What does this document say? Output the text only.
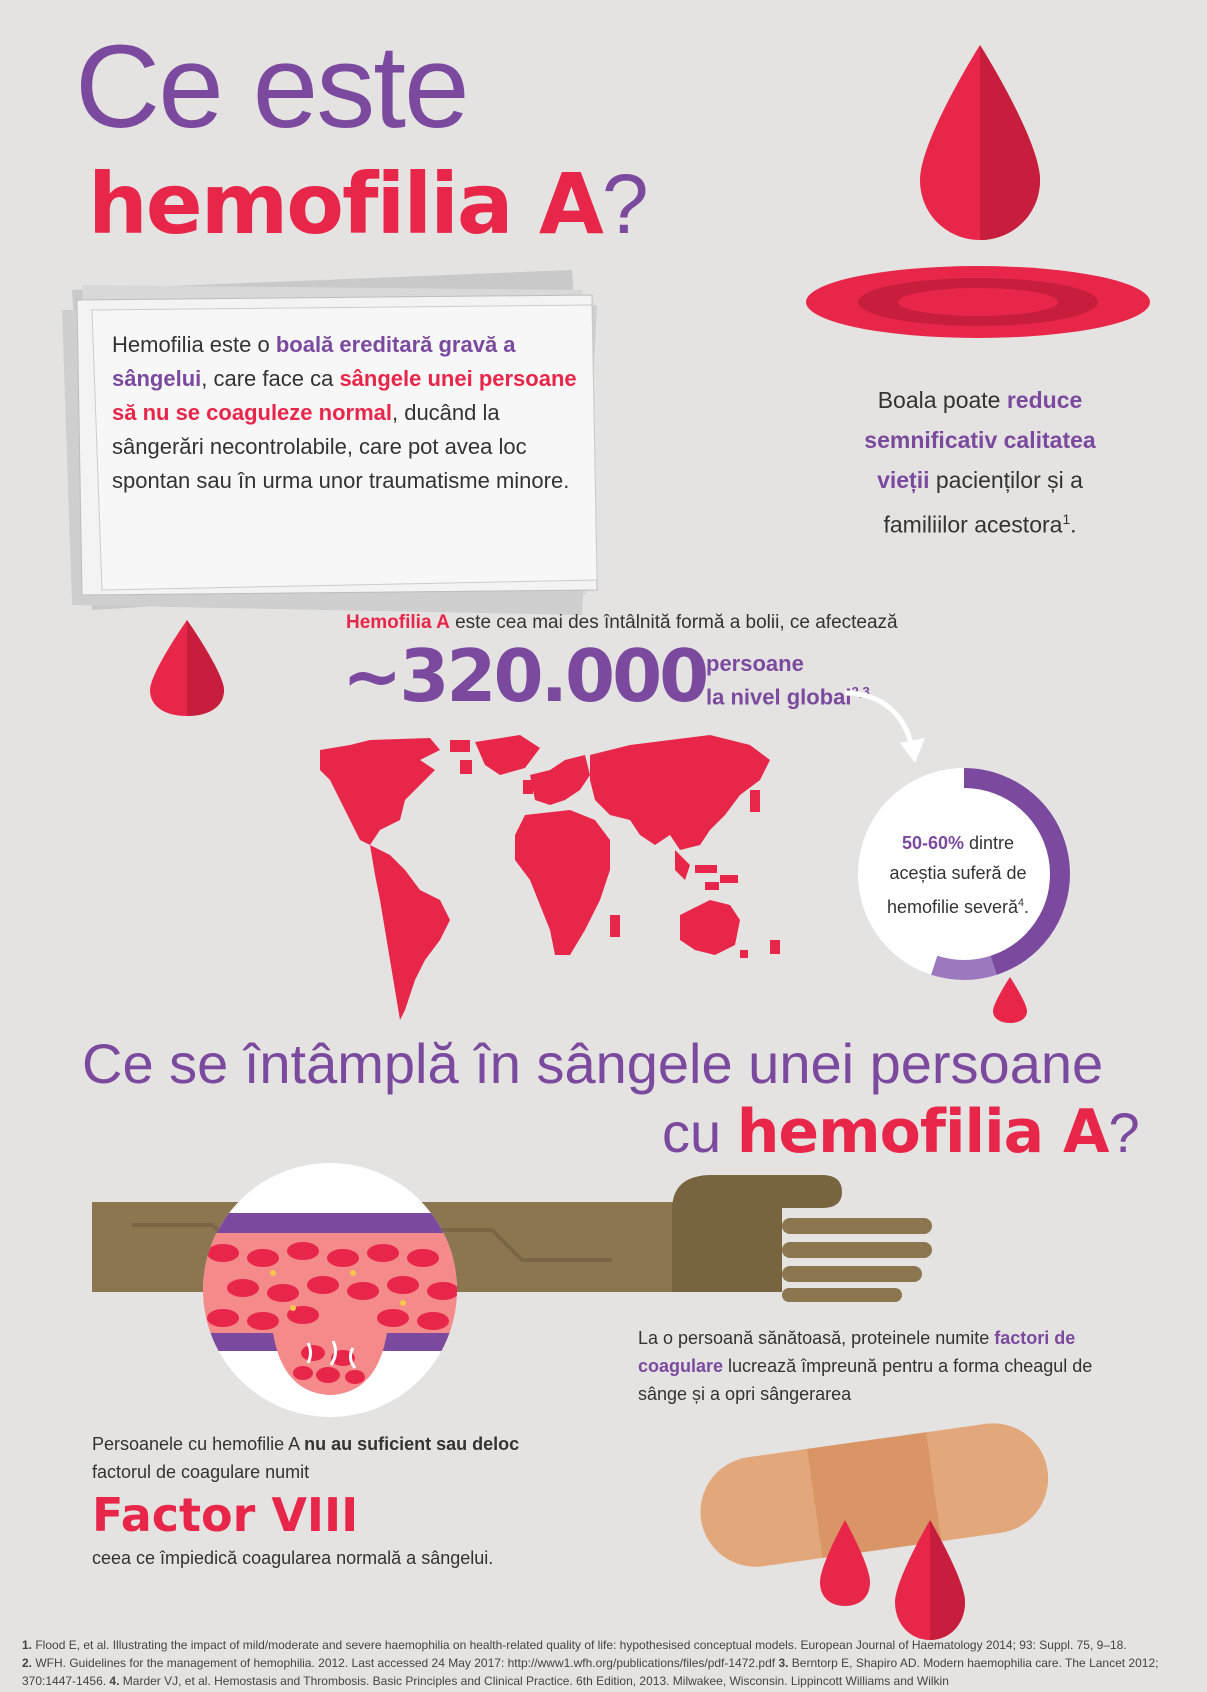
Ce este
hemofilia A?
Hemofilia este o boală ereditară gravă a sângelui, care face ca sângele unei persoane să nu se coaguleze normal, ducând la sângerări necontrolabile, care pot avea loc spontan sau în urma unor traumatisme minore.
Boala poate reduce semnificativ calitatea vieții pacienților și a familiilor acestora$^1$.
Hemofilia A este cea mai des întâlnită formă a bolii, ce afectează
~320.000 persoane
la nivel global$^{2,3}$
50-60% dintre
aceștia suferă de
hemofilie severă$^4$.
Ce se întâmplă în sângele unei persoane
cu hemofilia A?
La o persoană sănătoasă, proteinele numite factori de coagulare lucrează împreună pentru a forma cheagul de sânge și a opri sângerarea
Persoanele cu hemofilie A nu au suficient sau deloc factorul de coagulare numit
Factor VIII
ceea ce împiedică coagularea normală a sângelui.
1. Flood E, et al. Illustrating the impact of mild/moderate and severe haemophilia on health-related quality of life: hypothesised conceptual models. European Journal of Haematology 2014; 93: Suppl. 75, 9–18.
2. WFH. Guidelines for the management of hemophilia. 2012. Last accessed 24 May 2017: http://www1.wfh.org/publications/files/pdf-1472.pdf 3. Berntorp E, Shapiro AD. Modern haemophilia care. The Lancet 2012; 370:1447-1456. 4. Marder VJ, et al. Hemostasis and Thrombosis. Basic Principles and Clinical Practice. 6th Edition, 2013. Milwakee, Wisconsin. Lippincott Williams and Wilkin
